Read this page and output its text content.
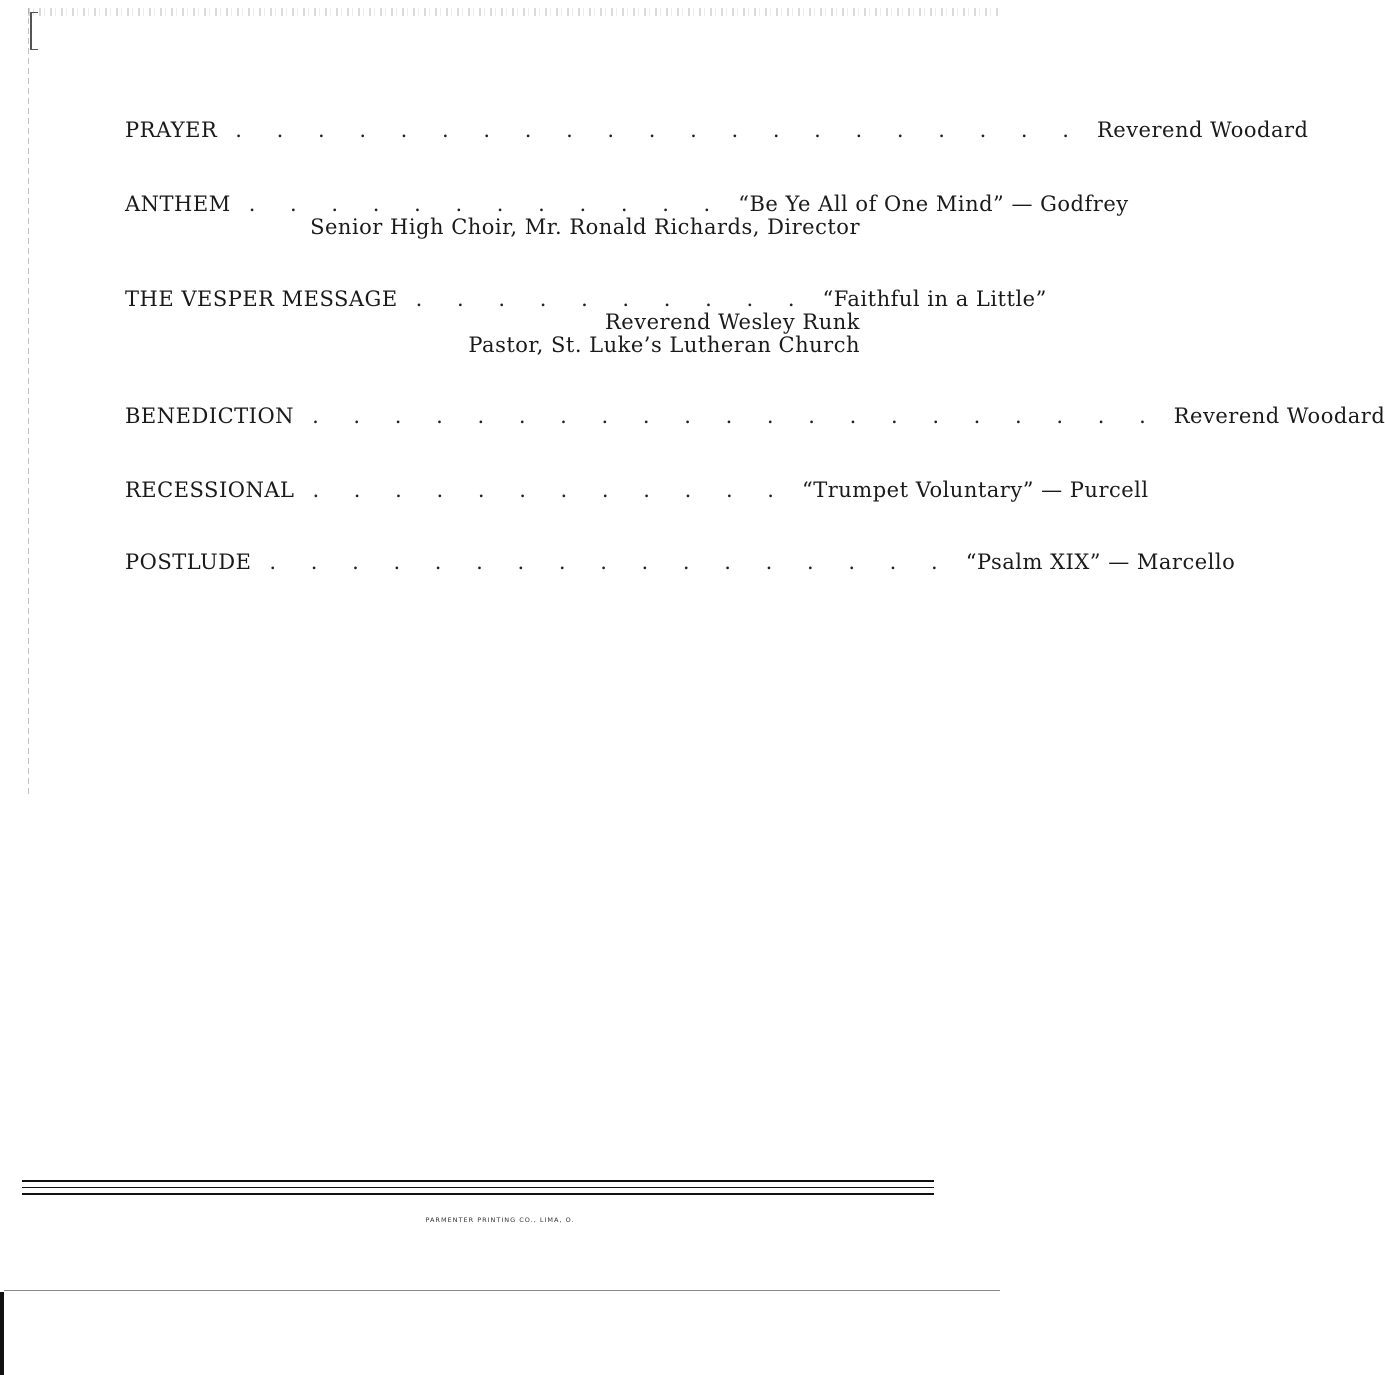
PRAYER . . . . . . . . . . . . . . . . . . . . . Reverend Woodard
ANTHEM . . . . . . . . . . . . “Be Ye All of One Mind” — Godfrey
Senior High Choir, Mr. Ronald Richards, Director
THE VESPER MESSAGE . . . . . . . . . . “Faithful in a Little”
Reverend Wesley Runk
Pastor, St. Luke’s Lutheran Church
BENEDICTION . . . . . . . . . . . . . . . . . . . . . Reverend Woodard
RECESSIONAL . . . . . . . . . . . . “Trumpet Voluntary” — Purcell
POSTLUDE . . . . . . . . . . . . . . . . . “Psalm XIX” — Marcello
PARMENTER PRINTING CO., LIMA, O.
